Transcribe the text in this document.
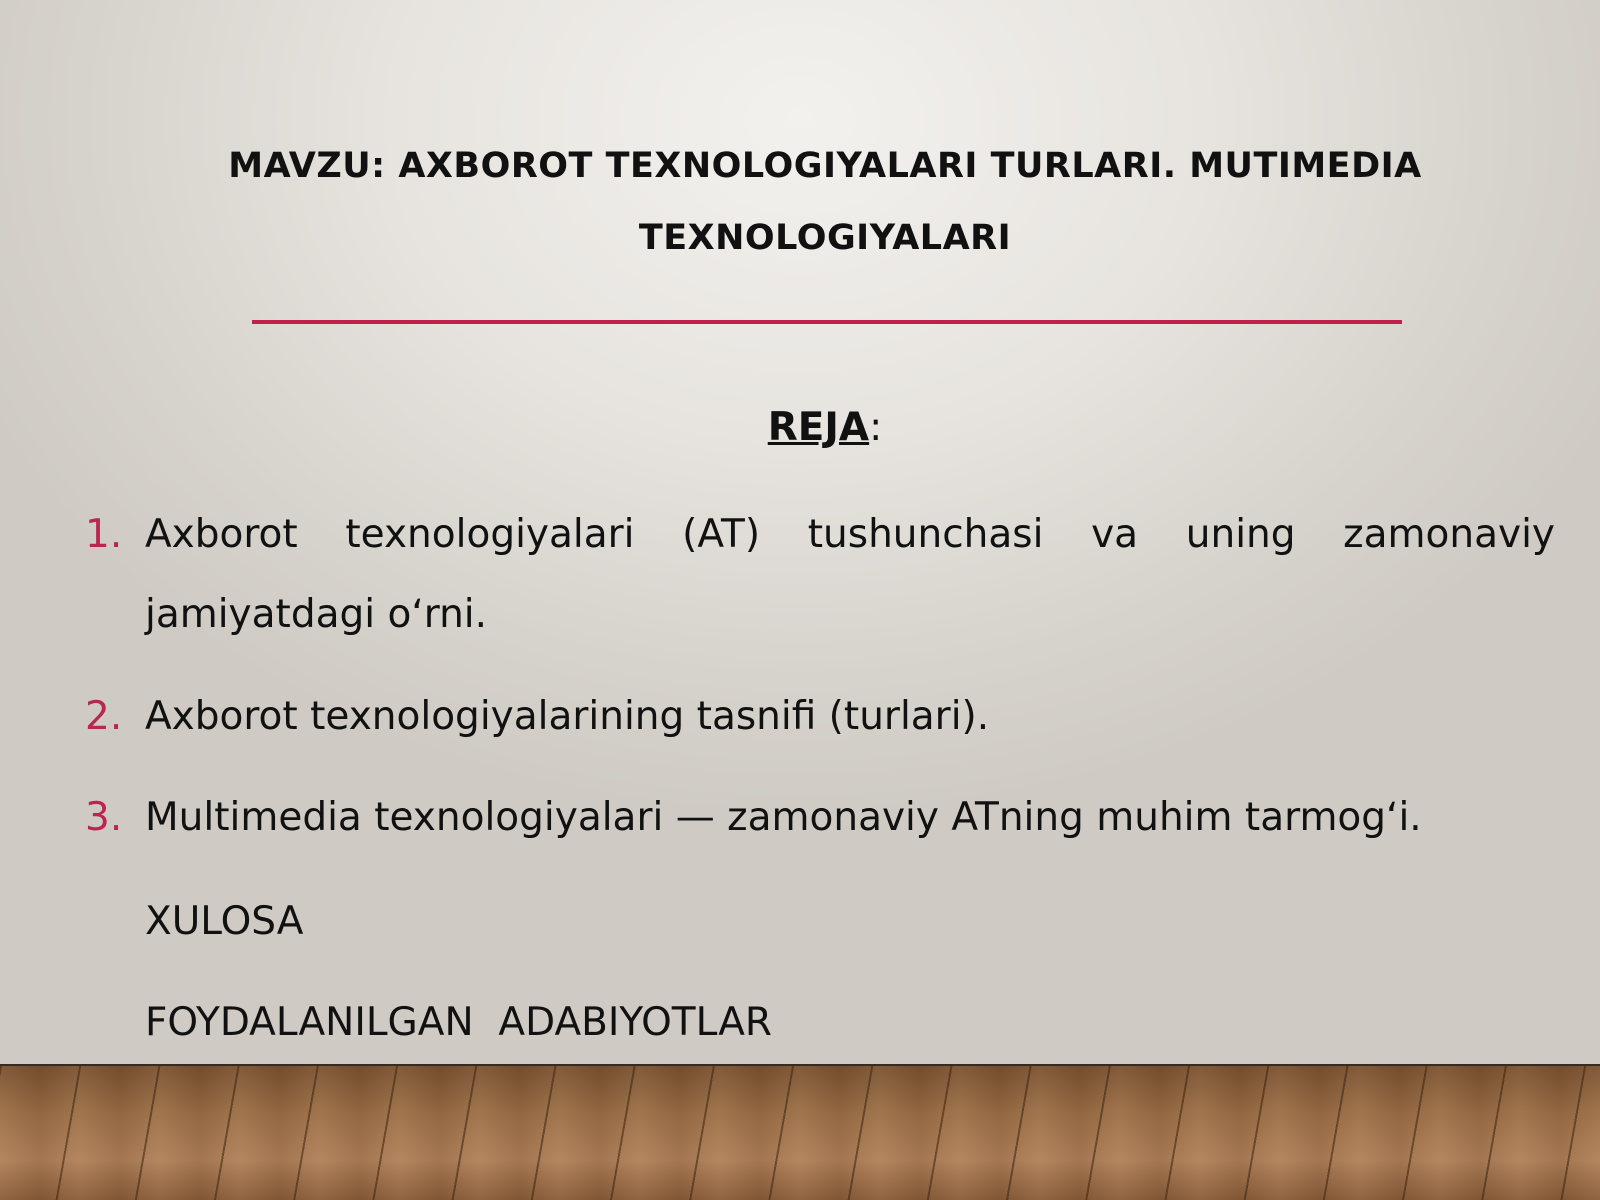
MAVZU: AXBOROT TEXNOLOGIYALARI TURLARI. MUTIMEDIA TEXNOLOGIYALARI
REJA:
1. Axborot texnologiyalari (AT) tushunchasi va uning zamonaviy jamiyatdagi o‘rni.
2. Axborot texnologiyalarining tasnifi (turlari).
3. Multimedia texnologiyalari — zamonaviy ATning muhim tarmog‘i.
XULOSA
FOYDALANILGAN  ADABIYOTLAR
